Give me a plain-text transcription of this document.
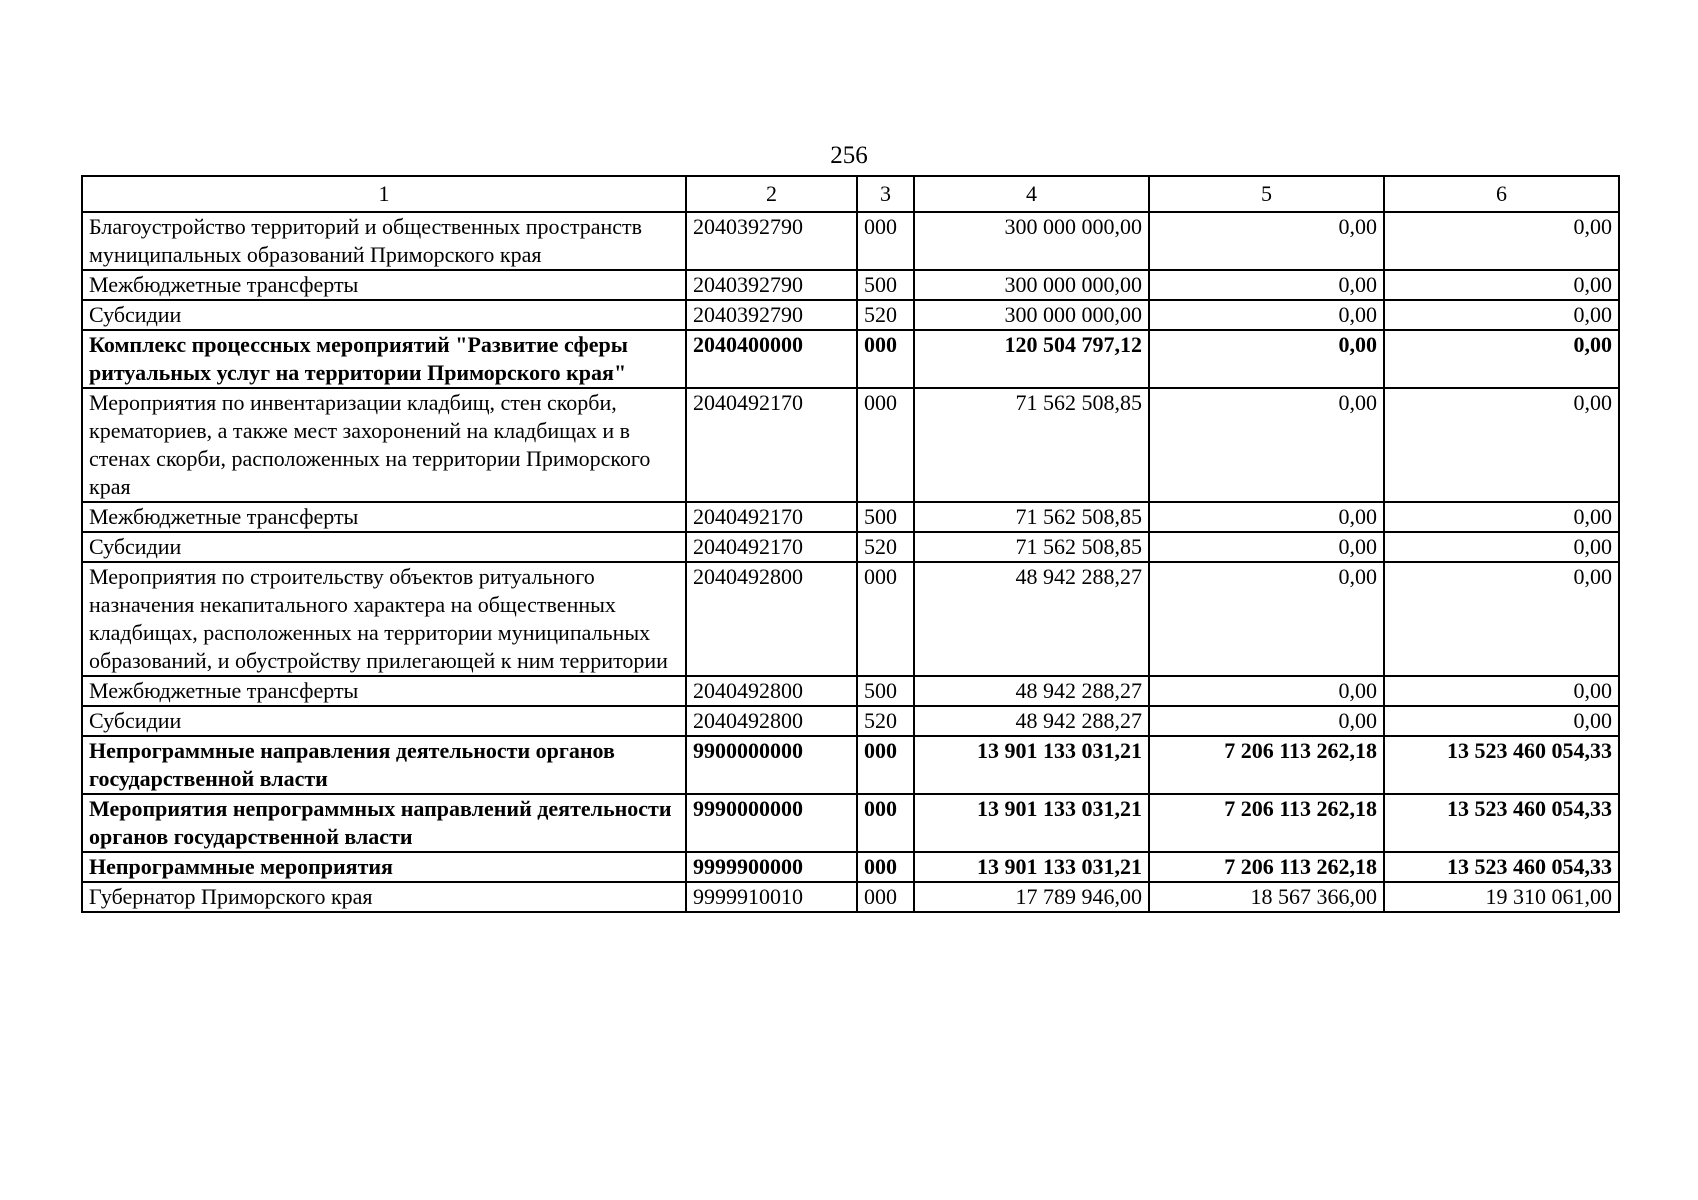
256
1	2	3	4	5	6
Благоустройство территорий и общественных пространств муниципальных образований Приморского края	2040392790	000	300 000 000,00	0,00	0,00
Межбюджетные трансферты	2040392790	500	300 000 000,00	0,00	0,00
Субсидии	2040392790	520	300 000 000,00	0,00	0,00
Комплекс процессных мероприятий "Развитие сферы ритуальных услуг на территории Приморского края"	2040400000	000	120 504 797,12	0,00	0,00
Мероприятия по инвентаризации кладбищ, стен скорби, крематориев, а также мест захоронений на кладбищах и в стенах скорби, расположенных на территории Приморского края	2040492170	000	71 562 508,85	0,00	0,00
Межбюджетные трансферты	2040492170	500	71 562 508,85	0,00	0,00
Субсидии	2040492170	520	71 562 508,85	0,00	0,00
Мероприятия по строительству объектов ритуального назначения некапитального характера на общественных кладбищах, расположенных на территории муниципальных образований, и обустройству прилегающей к ним территории	2040492800	000	48 942 288,27	0,00	0,00
Межбюджетные трансферты	2040492800	500	48 942 288,27	0,00	0,00
Субсидии	2040492800	520	48 942 288,27	0,00	0,00
Непрограммные направления деятельности органов государственной власти	9900000000	000	13 901 133 031,21	7 206 113 262,18	13 523 460 054,33
Мероприятия непрограммных направлений деятельности органов государственной власти	9990000000	000	13 901 133 031,21	7 206 113 262,18	13 523 460 054,33
Непрограммные мероприятия	9999900000	000	13 901 133 031,21	7 206 113 262,18	13 523 460 054,33
Губернатор Приморского края	9999910010	000	17 789 946,00	18 567 366,00	19 310 061,00
